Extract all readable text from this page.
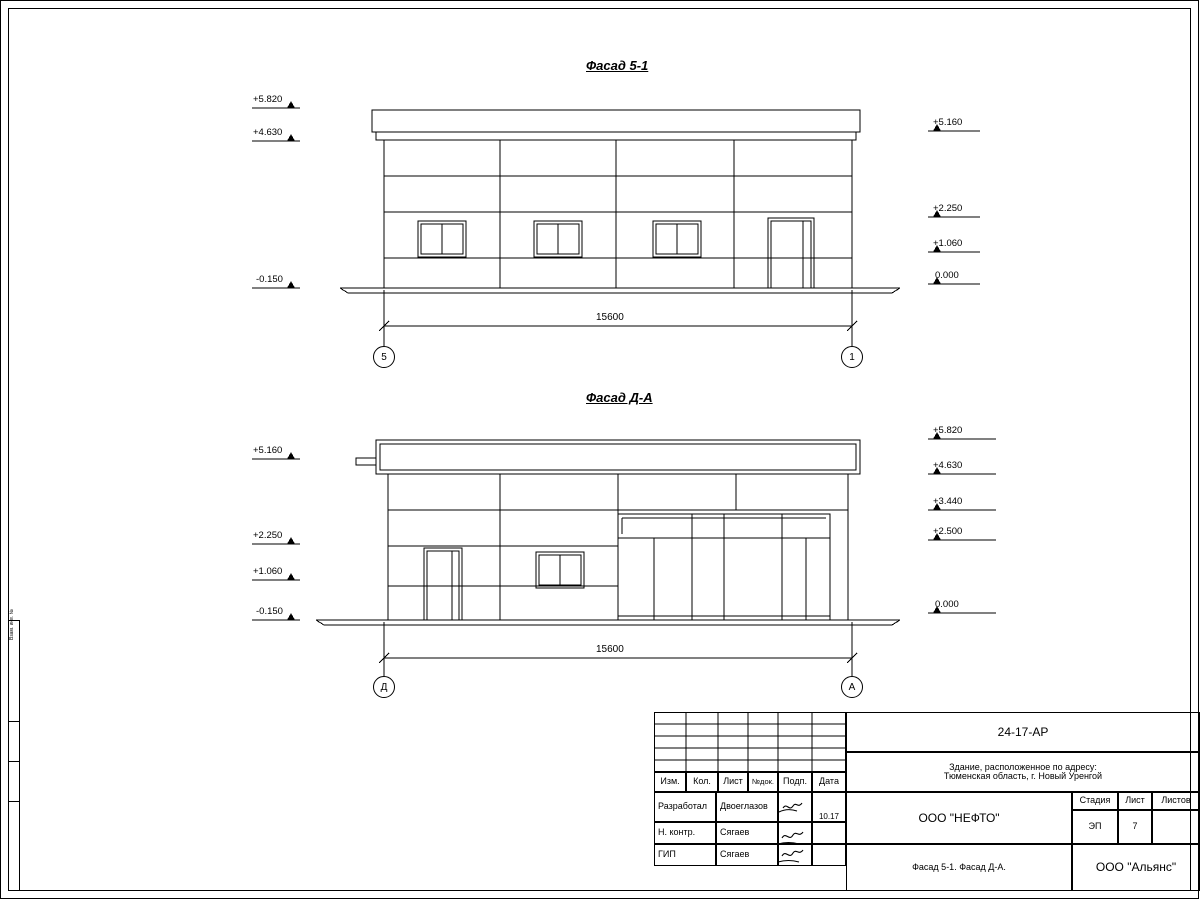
Взам. инв. №
Фасад 5-1
+5.820
+4.630
-0.150
+5.160
+2.250
+1.060
0.000
15600
5	1
Фасад Д-А
+5.160
+2.250
+1.060
-0.150
+5.820
+4.630
+3.440
+2.500
0.000
15600
Д	А
Изм.	Кол.	Лист	№док.	Подп.	Дата
Разработал	Двоеглазов
10.17
Н. контр.	Сягаев
ГИП	Сягаев
24-17-АР
Здание, расположенное по адресу:
Тюменская область, г. Новый Уренгой
ООО "НЕФТО"
Стадия	Лист	Листов
ЭП	7
Фасад 5-1. Фасад Д-А.	ООО "Альянс"
